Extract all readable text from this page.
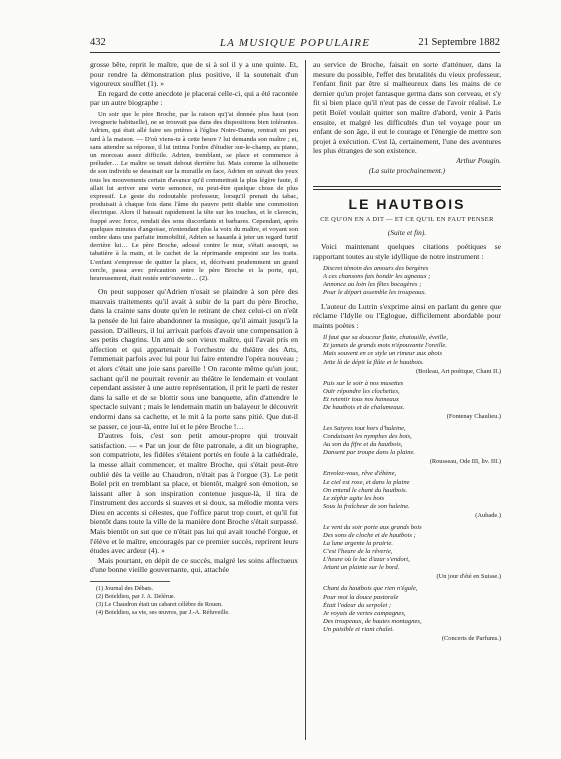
432	LA MUSIQUE POPULAIRE	21 Septembre 1882

grosse bête, reprit le maître, que de si à sol il y a une quinte. Et, pour rendre la démonstration plus positive, il la soutenait d'un vigoureux soufflet (1). »

En regard de cette anecdote je placerai celle-ci, qui a été racontée par un autre biographe :

Un soir que le père Broche, par la raison qu'j'ai donnée plus haut (son ivrognerie habituelle), ne se trouvait pas dans des dispositions bien tolérantes. Adrien, qui était allé faire ses prières à l'église Notre-Dame, rentrait un peu tard à la maison. — D'où viens-tu à cette heure ? lui demanda son maître ; et, sans attendre sa réponse, il lui intima l'ordre d'étudier sur-le-champ, au piano, un morceau assez difficile. Adrien, tremblant, se place et commence à préluder… Le maître se tenait debout derrière lui. Mais comme la silhouette de son individu se dessinait sur la muraille en face, Adrien en suivait des yeux tous les mouvements certain d'avance qu'il commettrait la plus légère faute, il allait lui arriver une verte semonce, ou peut-être quelque chose de plus expressif. Le geste du redoutable professeur, lorsqu'il prenait du tabac, produisait à chaque fois dans l'âme du pauvre petit diable une commotion électrique. Alors il baissait rapidement la tête sur les touches, et le clavecin, frappé avec force, rendait des sons discordants et barbares. Cependant, après quelques minutes d'angoisse, n'entendant plus la voix du maître, et voyant son ombre dans une parfaite immobilité, Adrien se hasarda à jeter un regard furtif derrière lui… Le père Broche, adossé contre le mur, s'était assoupi, sa tabatière à la main, et le cachet de la réprimande empreint sur les traits. L'enfant s'empresse de quitter la place, et, décrivant prudemment un grand cercle, passa avec précaution entre le père Broche et la porte, qui, heureusement, était restée entr'ouverte… (2).

On peut supposer qu'Adrien n'osait se plaindre à son père des mauvais traitements qu'il avait à subir de la part du père Broche, dans la crainte sans doute qu'en le retirant de chez celui-ci on n'eût la pensée de lui faire abandonner la musique, qu'il aimait jusqu'à la passion. D'ailleurs, il lui arrivait parfois d'avoir une compensation à ses petits chagrins. Un ami de son vieux maître, qui l'avait pris en affection et qui appartenait à l'orchestre du théâtre des Arts, l'emmenait parfois avec lui pour lui faire entendre l'opéra nouveau ; et alors c'était une joie sans pareille ! On raconte même qu'un jour, sachant qu'il ne pourrait revenir au théâtre le lendemain et voulant cependant assister à une autre représentation, il prit le parti de rester dans la salle et de se blottir sous une banquette, afin d'attendre le spectacle suivant ; mais le lendemain matin un balayeur le découvrit endormi dans sa cachette, et le mit à la porte sans pitié. Que dut-il se passer, ce jour-là, entre lui et le père Broche !…

D'autres fois, c'est son petit amour-propre qui trouvait satisfaction. — « Par un jour de fête patronale, a dit un biographe, son compatriote, les fidèles s'étaient portés en foule à la cathédrale, la messe allait commencer, et maître Broche, qui s'était peut-être oublié dès la veille au Chaudron, n'était pas à l'orgue (3). Le petit Boïel prit en tremblant sa place, et bientôt, malgré son émotion, se laissant aller à son inspiration contenue jusque-là, il tira de l'instrument des accords si suaves et si doux, sa mélodie monta vers Dieu en accents si célestes, que l'office parut trop court, et qu'il fut bientôt dans toute la ville de la manière dont Broche s'était surpassé. Mais bientôt on sut que ce n'était pas lui qui avait touché l'orgue, et l'élève et le maître, encouragés par ce premier succès, reprirent leurs études avec ardeur (4). »

Mais pourtant, en dépit de ce succès, malgré les soins affectueux d'une bonne vieille gouvernante, qui, attachée

(1) Journal des Débats.
(2) Boieldieu, par J. A. Delérue.
(3) Le Chaudron était un cabaret célèbre de Rouen.
(4) Boieldieu, sa vie, ses œuvres, par J.-A. Réfuveille.

au service de Broche, faisait en sorte d'atténuer, dans la mesure du possible, l'effet des brutalités du vieux professeur, l'enfant finit par être si malheureux dans les mains de ce dernier qu'un projet fantasque germa dans son cerveau, et s'y fit si bien place qu'il n'eut pas de cesse de l'avoir réalisé. Le petit Boïel voulait quitter son maître d'abord, venir à Paris ensuite, et malgré les difficultés d'un tel voyage pour un enfant de son âge, il eut le courage et l'énergie de mettre son projet à exécution. C'est là, certainement, l'une des aventures les plus étranges de son existence.

Arthur Pougin.
(La suite prochainement.)
LE HAUTBOIS
CE QU'ON EN A DIT — ET CE QU'IL EN FAUT PENSER
(Suite et fin).

Voici maintenant quelques citations poétiques se rapportant toutes au style idyllique de notre instrument :

Discret témoin des amours des bergères
A ces chansons fais bondir les agneaux ;
Annonce au loin les fêtes bocagères ;
Pour le départ assemble les troupeaux.

L'auteur du Lutrin s'exprime ainsi en parlant du genre que réclame l'Idylle ou l'Eglogue, difficilement abordable pour maints poètes :

Il faut que sa douceur flatte, chatouille, éveille,
Et jamais de grands mots n'épouvante l'oreille.
Mais souvent en ce style un rimeur aux abois
Jette là de dépit la flûte et le hautbois.
(Boileau, Art poétique, Chant II.)
Puis sur le soir à nos musettes
Ouïr répondre les clochettes,
Et retentir tous nos hameaux
De hautbois et de chalumeaux.
(Fontenay Chaulieu.)
Les Satyres tout hors d'haleine,
Conduisant les nymphes des bois,
Au son du fifre et du hautbois,
Dansent par troupe dans la plaine.
(Rousseau, Ode III, liv. III.)
Envolez-vous, rêve d'ébène,
Le ciel est rose, et dans la plaine
On entend le chant du hautbois.
Le zéphir agite les bois
Sous la fraîcheur de son haleine.
(Aubade.)
Le vent du soir porte aux grands bois
Des sons de cloche et de hautbois ;
La lune argente la prairie.
C'est l'heure de la rêverie,
L'heure où le lac d'azur s'endort,
Jetant un plainte sur le bord.
(Un jour d'été en Suisse.)
Chant du hautbois que rien n'égale,
Pour moi la douce pastorale
Était l'odeur du serpolet ;
Je voyais de vertes campagnes,
Des troupeaux, de hautes montagnes,
Un paisible et riant chalet.
(Concerts de Parfums.)
